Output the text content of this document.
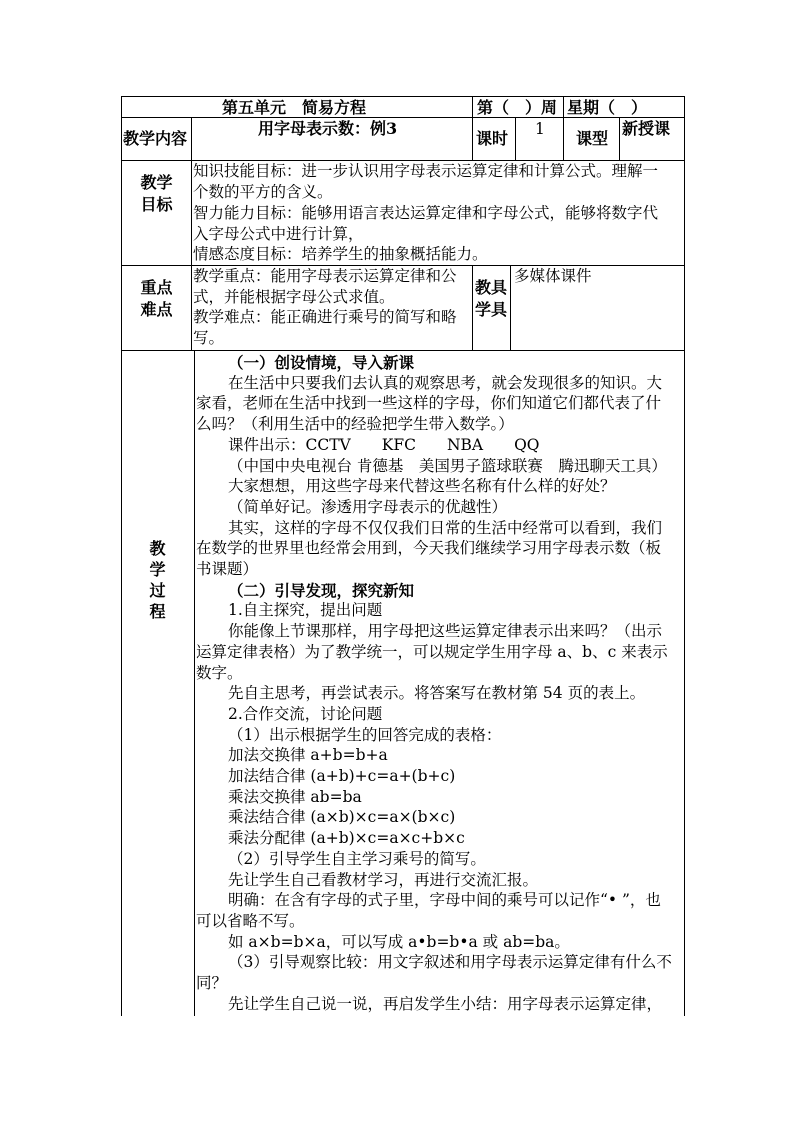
第五单元　简易方程	第（　）周 星期（　）
教学内容
用字母表示数：例3
课时 1 课型
新授课
教学
目标
知识技能目标：进一步认识用字母表示运算定律和计算公式。理解一
个数的平方的含义。
智力能力目标：能够用语言表达运算定律和字母公式，能够将数字代
入字母公式中进行计算，
情感态度目标：培养学生的抽象概括能力。
重点
难点
教学重点：能用字母表示运算定律和公
式，并能根据字母公式求值。
教学难点：能正确进行乘号的简写和略
写。
教具
学具
多媒体课件
教
学
过
程
（一）创设情境，导入新课
在生活中只要我们去认真的观察思考，就会发现很多的知识。大
家看，老师在生活中找到一些这样的字母，你们知道它们都代表了什
么吗？（利用生活中的经验把学生带入数学。）
课件出示：CCTV　　KFC　　NBA　　QQ
（中国中央电视台 肯德基　美国男子篮球联赛　腾迅聊天工具）
大家想想，用这些字母来代替这些名称有什么样的好处？
（简单好记。渗透用字母表示的优越性）
其实，这样的字母不仅仅我们日常的生活中经常可以看到，我们
在数学的世界里也经常会用到，今天我们继续学习用字母表示数（板
书课题）
（二）引导发现，探究新知
1.自主探究，提出问题
你能像上节课那样，用字母把这些运算定律表示出来吗？（出示
运算定律表格）为了教学统一，可以规定学生用字母 a、b、c 来表示
数字。
先自主思考，再尝试表示。将答案写在教材第 54 页的表上。
2.合作交流，讨论问题
（1）出示根据学生的回答完成的表格：
加法交换律 a+b=b+a
加法结合律 (a+b)+c=a+(b+c)
乘法交换律 ab=ba
乘法结合律 (a×b)×c=a×(b×c)
乘法分配律 (a+b)×c=a×c+b×c
（2）引导学生自主学习乘号的简写。
先让学生自己看教材学习，再进行交流汇报。
明确：在含有字母的式子里，字母中间的乘号可以记作“• ”，也
可以省略不写。
如 a×b=b×a，可以写成 a•b=b•a 或 ab=ba。
（3）引导观察比较：用文字叙述和用字母表示运算定律有什么不
同？
先让学生自己说一说，再启发学生小结：用字母表示运算定律，
